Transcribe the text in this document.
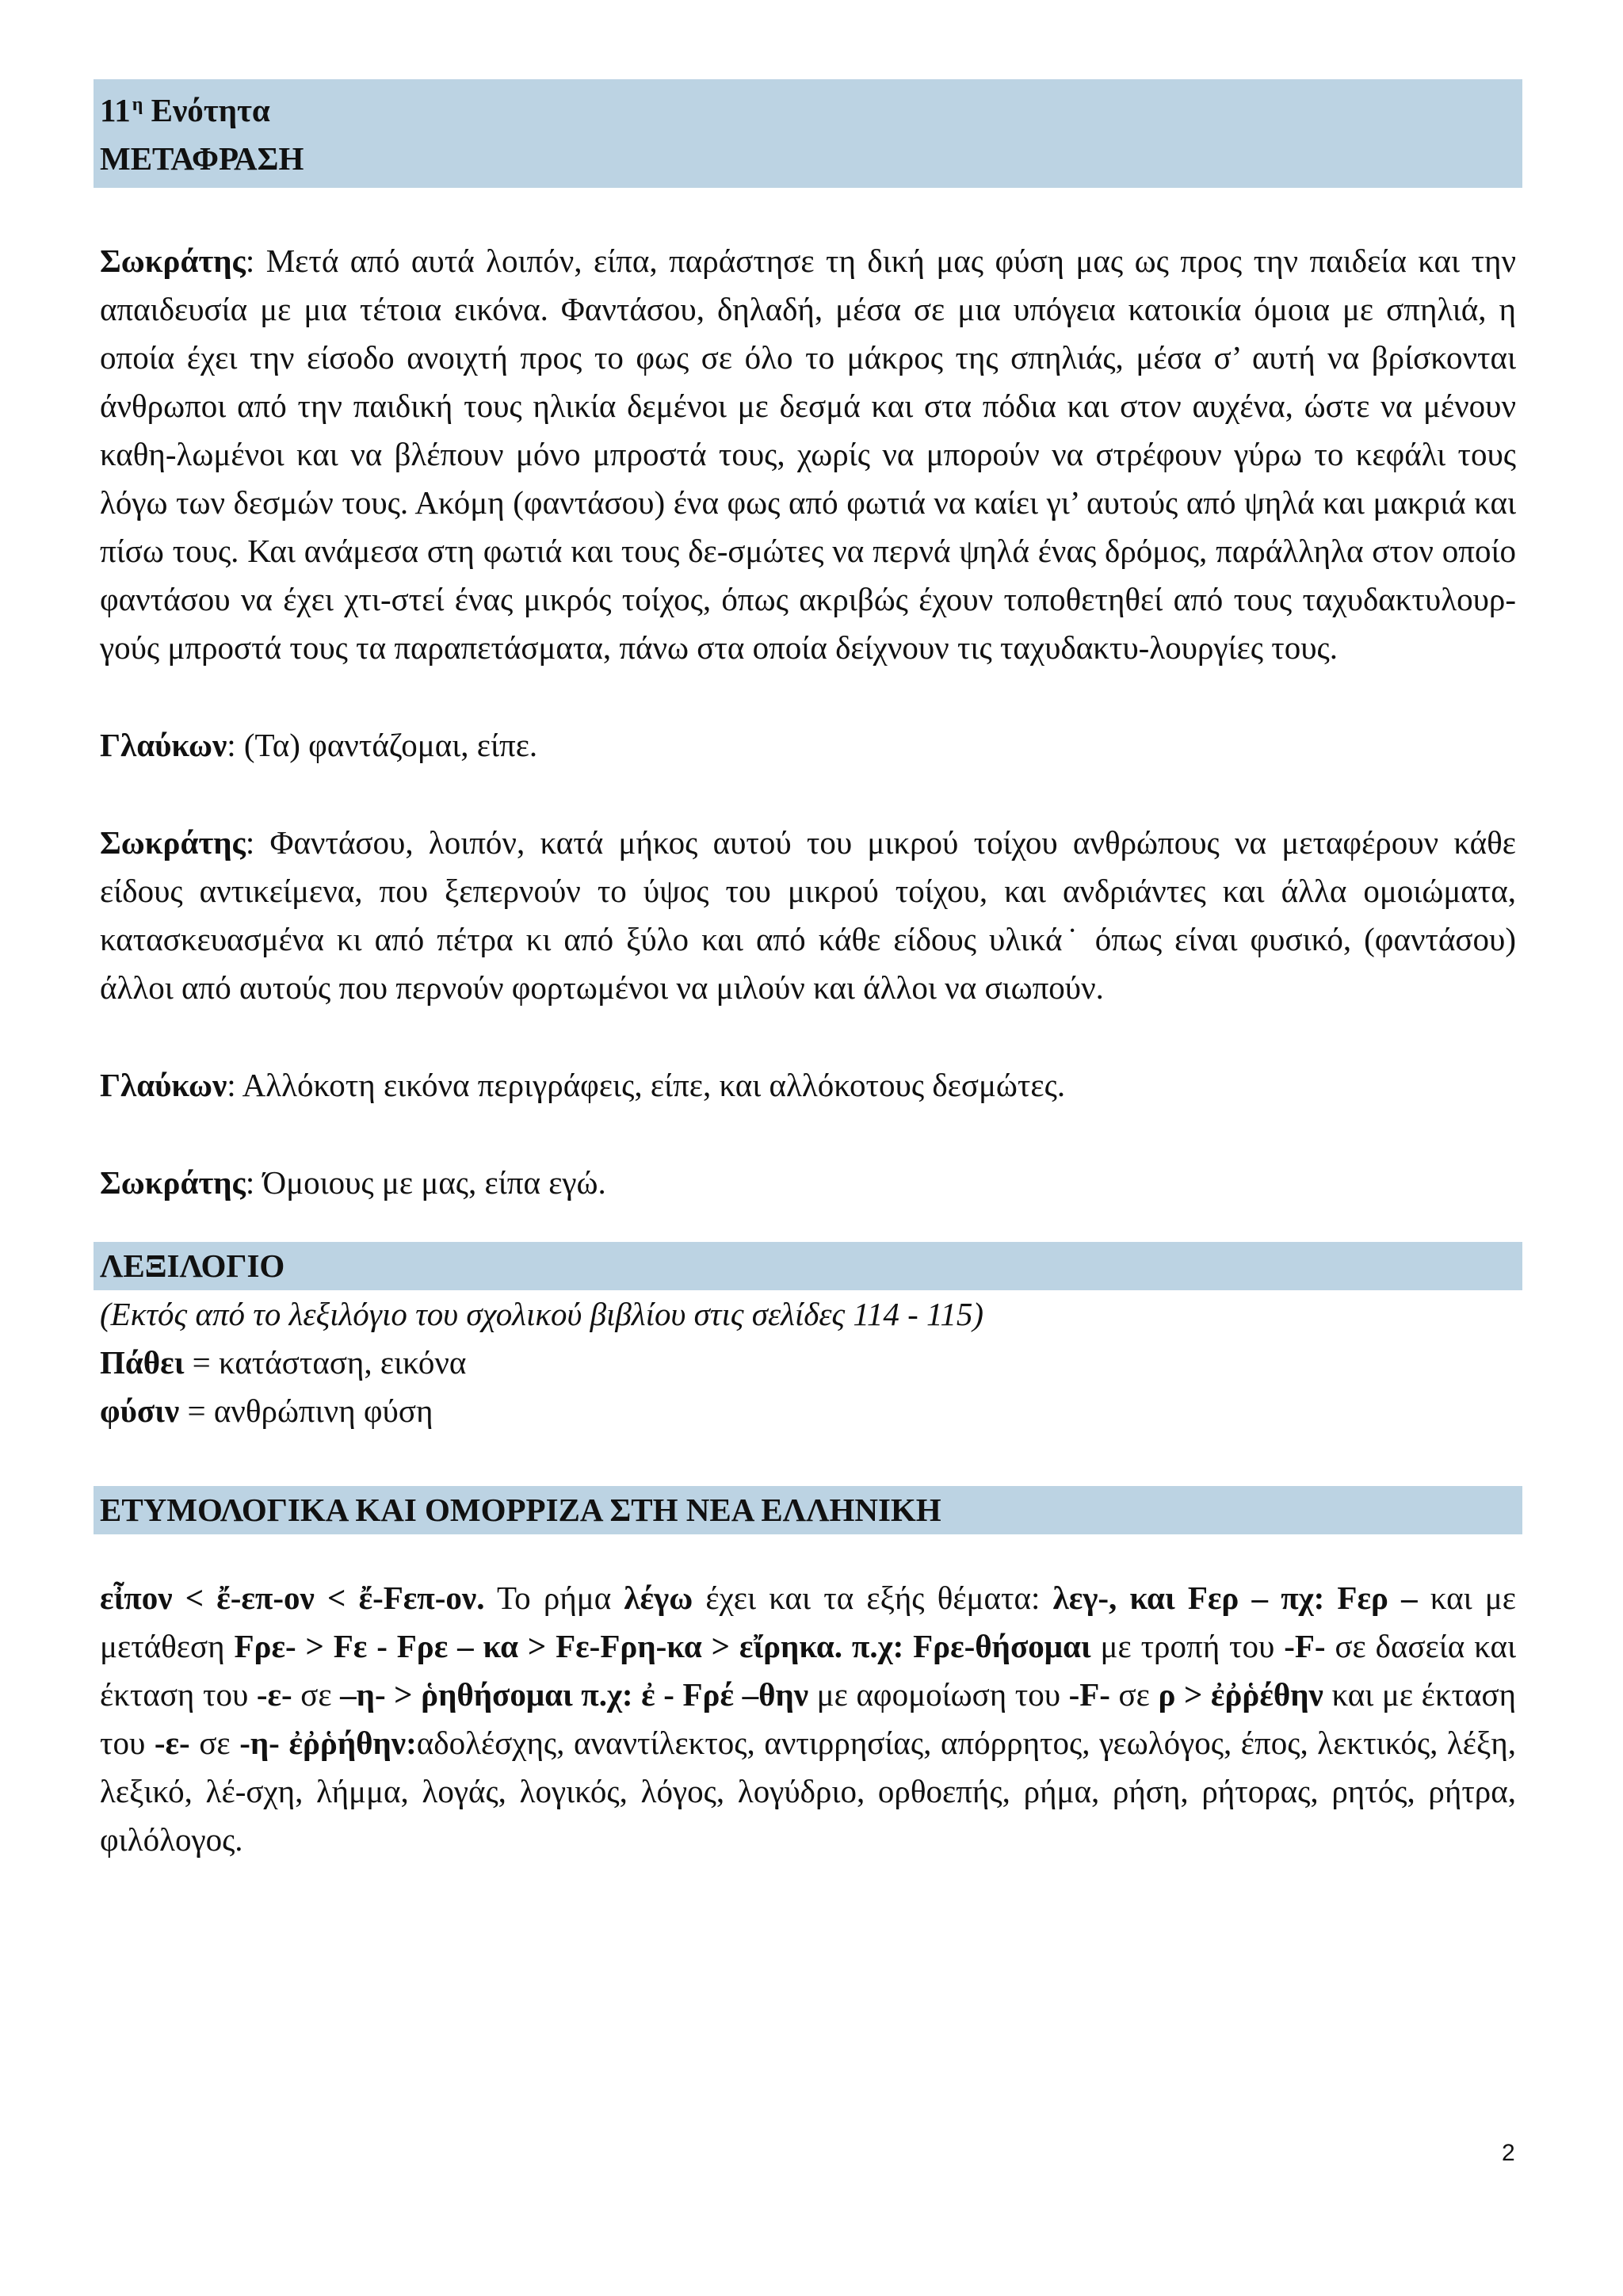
$11^\eta$ Ενότητα
ΜΕΤΑΦΡΑΣΗ

Σωκράτης: Μετά από αυτά λοιπόν, είπα, παράστησε τη δική μας φύση μας ως προς την παιδεία και την απαιδευσία με μια τέτοια εικόνα. Φαντάσου, δηλαδή, μέσα σε μια υπόγεια κατοικία όμοια με σπηλιά, η οποία έχει την είσοδο ανοιχτή προς το φως σε όλο το μάκρος της σπηλιάς, μέσα σ’ αυτή να βρίσκονται άνθρωποι από την παιδική τους ηλικία δεμένοι με δεσμά και στα πόδια και στον αυχένα, ώστε να μένουν καθη-λωμένοι και να βλέπουν μόνο μπροστά τους, χωρίς να μπορούν να στρέφουν γύρω το κεφάλι τους λόγω των δεσμών τους. Ακόμη (φαντάσου) ένα φως από φωτιά να καίει γι’ αυτούς από ψηλά και μακριά και πίσω τους. Και ανάμεσα στη φωτιά και τους δε-σμώτες να περνά ψηλά ένας δρόμος, παράλληλα στον οποίο φαντάσου να έχει χτι-στεί ένας μικρός τοίχος, όπως ακριβώς έχουν τοποθετηθεί από τους ταχυδακτυλουρ-γούς μπροστά τους τα παραπετάσματα, πάνω στα οποία δείχνουν τις ταχυδακτυ-λουργίες τους.

Γλαύκων: (Τα) φαντάζομαι, είπε.

Σωκράτης: Φαντάσου, λοιπόν, κατά μήκος αυτού του μικρού τοίχου ανθρώπους να μεταφέρουν κάθε είδους αντικείμενα, που ξεπερνούν το ύψος του μικρού τοίχου, και ανδριάντες και άλλα ομοιώματα, κατασκευασμένα κι από πέτρα κι από ξύλο και από κάθε είδους υλικά˙ όπως είναι φυσικό, (φαντάσου) άλλοι από αυτούς που περνούν φορτωμένοι να μιλούν και άλλοι να σιωπούν.

Γλαύκων: Αλλόκοτη εικόνα περιγράφεις, είπε, και αλλόκοτους δεσμώτες.

Σωκράτης: Όμοιους με μας, είπα εγώ.

ΛΕΞΙΛΟΓΙΟ

(Εκτός από το λεξιλόγιο του σχολικού βιβλίου στις σελίδες 114 - 115)

Πάθει = κατάσταση, εικόνα

φύσιν = ανθρώπινη φύση

ΕΤΥΜΟΛΟΓΙΚΑ ΚΑΙ ΟΜΟΡΡΙΖΑ ΣΤΗ ΝΕΑ ΕΛΛΗΝΙΚΗ

εἶπον < ἔ-επ-ον < ἔ-Fεπ-ον. Το ρήμα λέγω έχει και τα εξής θέματα: λεγ-, και Fερ – πχ: Fερ – και με μετάθεση Fρε- > Fε - Fρε – κα > Fε-Fρη-κα > εἴρηκα. π.χ: Fρε-θήσομαι με τροπή του -F- σε δασεία και έκταση του -ε- σε –η- > ῥηθήσομαι π.χ: ἐ - Fρέ –θην με αφομοίωση του -F- σε ρ > ἐῤῥέθην και με έκταση του -ε- σε -η- ἐῤῥήθην:αδολέσχης, αναντίλεκτος, αντιρρησίας, απόρρητος, γεωλόγος, έπος, λεκτικός, λέξη, λεξικό, λέ-σχη, λήμμα, λογάς, λογικός, λόγος, λογύδριο, ορθοεπής, ρήμα, ρήση, ρήτορας, ρητός, ρήτρα, φιλόλογος.

2
